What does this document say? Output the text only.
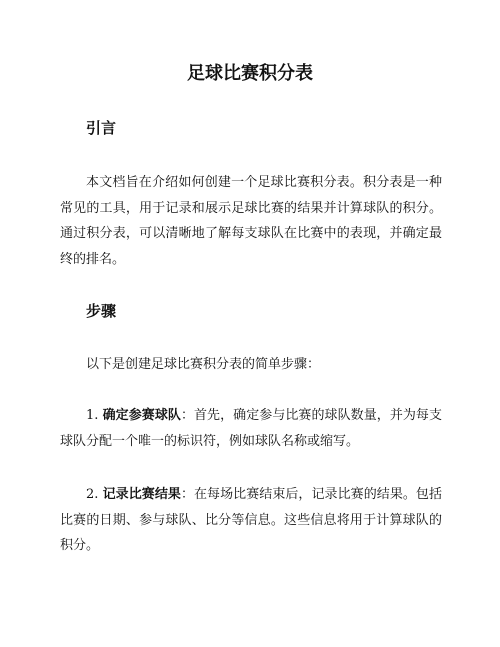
足球比赛积分表
引言

本文档旨在介绍如何创建一个足球比赛积分表。积分表是一种常见的工具，用于记录和展示足球比赛的结果并计算球队的积分。通过积分表，可以清晰地了解每支球队在比赛中的表现，并确定最终的排名。

步骤

以下是创建足球比赛积分表的简单步骤：

1. 确定参赛球队：首先，确定参与比赛的球队数量，并为每支球队分配一个唯一的标识符，例如球队名称或缩写。

2. 记录比赛结果：在每场比赛结束后，记录比赛的结果。包括比赛的日期、参与球队、比分等信息。这些信息将用于计算球队的积分。
